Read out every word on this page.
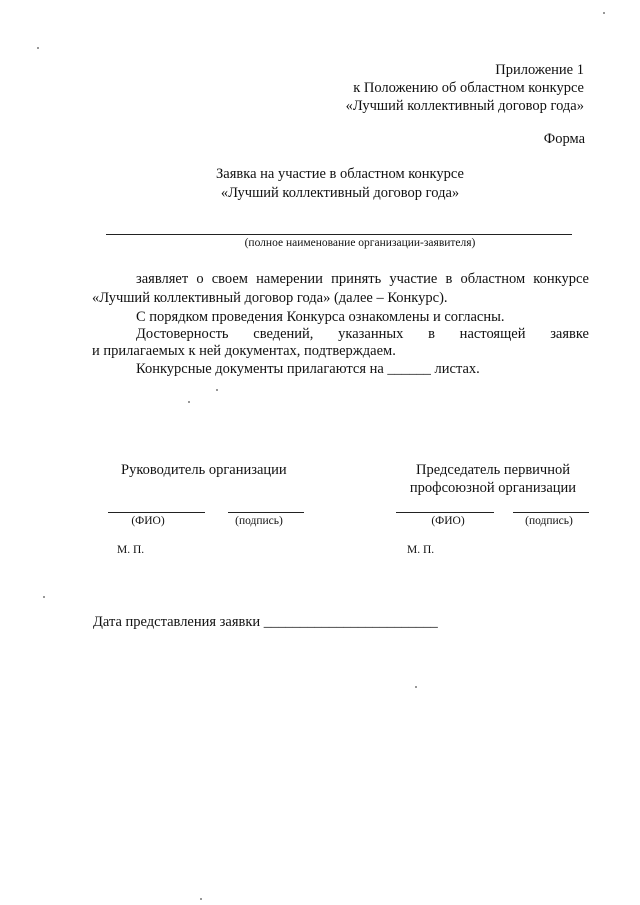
Приложение 1
к Положению об областном конкурсе
«Лучший коллективный договор года»
Форма
Заявка на участие в областном конкурсе
«Лучший коллективный договор года»
(полное наименование организации-заявителя)
заявляет о своем намерении принять участие в областном конкурсе
«Лучший коллективный договор года» (далее – Конкурс).
С порядком проведения Конкурса ознакомлены и согласны.
Достоверность сведений, указанных в настоящей заявке
и прилагаемых к ней документах, подтверждаем.
Конкурсные документы прилагаются на ______ листах.
Руководитель организации
(ФИО)	(подпись)
М. П.
Председатель первичной
профсоюзной организации
(ФИО)	(подпись)
М. П.
Дата представления заявки ________________________
